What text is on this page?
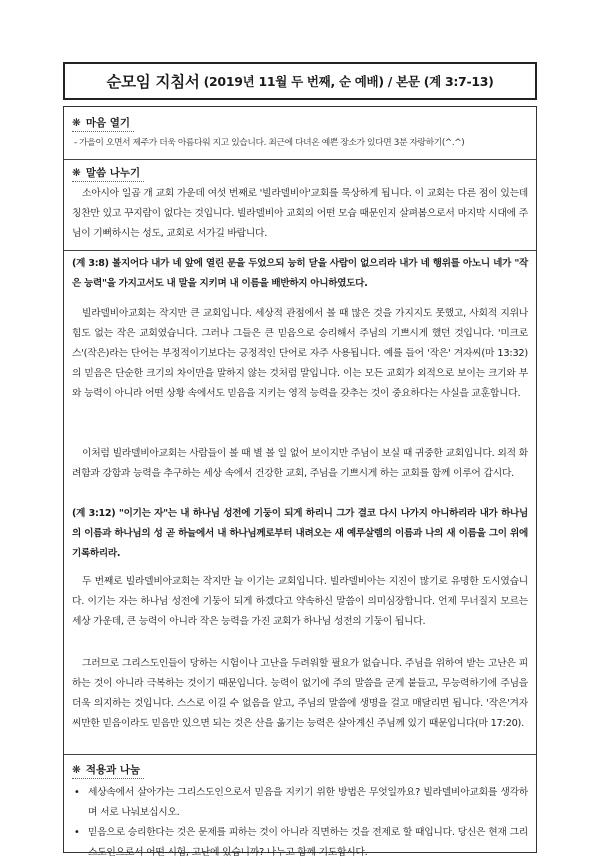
순모임 지침서 (2019년 11월 두 번째, 순 예배) / 본문 (계 3:7-13)
❋ 마음 열기
- 가을이 오면서 제주가 더욱 아름다워 지고 있습니다. 최근에 다녀온 예쁜 장소가 있다면 3분 자랑하기(^.^)
❋ 말씀 나누기

소아시아 일곱 개 교회 가운데 여섯 번째로 '빌라델비아'교회를 묵상하게 됩니다. 이 교회는 다른 점이 있는데 칭찬만 있고 꾸지람이 없다는 것입니다. 빌라델비아 교회의 어떤 모습 때문인지 살펴봄으로서 마지막 시대에 주님이 기뻐하시는 성도, 교회로 서가길 바랍니다.

(계 3:8) 볼지어다 내가 네 앞에 열린 문을 두었으되 능히 닫을 사람이 없으리라 내가 네 행위를 아노니 네가 "작은 능력"을 가지고서도 내 말을 지키며 내 이름을 배반하지 아니하였도다.

빌라델비아교회는 작지만 큰 교회입니다. 세상적 관점에서 볼 때 많은 것을 가지지도 못했고, 사회적 지위나 힘도 없는 작은 교회였습니다. 그러나 그들은 큰 믿음으로 승리해서 주님의 기쁘시게 했던 것입니다. '미크로스'(작은)라는 단어는 부정적이기보다는 긍정적인 단어로 자주 사용됩니다. 예를 들어 '작은' 겨자씨(마 13:32)의 믿음은 단순한 크기의 차이만을 말하지 않는 것처럼 말입니다. 이는 모든 교회가 외적으로 보이는 크기와 부와 능력이 아니라 어떤 상황 속에서도 믿음을 지키는 영적 능력을 갖추는 것이 중요하다는 사실을 교훈합니다.

이처럼 빌라델비아교회는 사람들이 볼 때 별 볼 일 없어 보이지만 주님이 보실 때 귀중한 교회입니다. 외적 화려함과 강함과 능력을 추구하는 세상 속에서 건강한 교회, 주님을 기쁘시게 하는 교회를 함께 이루어 갑시다.

(계 3:12) "이기는 자"는 내 하나님 성전에 기둥이 되게 하리니 그가 결코 다시 나가지 아니하리라 내가 하나님의 이름과 하나님의 성 곧 하늘에서 내 하나님께로부터 내려오는 새 예루살렘의 이름과 나의 새 이름을 그이 위에 기록하리라.

두 번째로 빌라델비아교회는 작지만 늘 이기는 교회입니다. 빌라델비아는 지진이 많기로 유명한 도시였습니다. 이기는 자는 하나님 성전에 기둥이 되게 하겠다고 약속하신 말씀이 의미심장합니다. 언제 무너질지 모르는 세상 가운데, 큰 능력이 아니라 작은 능력을 가진 교회가 하나님 성전의 기둥이 됩니다.

그러므로 그리스도인들이 당하는 시험이나 고난을 두려워할 필요가 없습니다. 주님을 위하여 받는 고난은 피하는 것이 아니라 극복하는 것이기 때문입니다. 능력이 없기에 주의 말씀을 굳게 붙들고, 무능력하기에 주님을 더욱 의지하는 것입니다. 스스로 이길 수 없음을 알고, 주님의 말씀에 생명을 걸고 매달리면 됩니다. '작은'겨자씨만한 믿음이라도 믿음만 있으면 되는 것은 산을 옮기는 능력은 살아계신 주님께 있기 때문입니다(마 17:20).

❋ 적용과 나눔
• 세상속에서 살아가는 그리스도인으로서 믿음을 지키기 위한 방법은 무엇일까요? 빌라델비아교회를 생각하며 서로 나눠보십시오.
• 믿음으로 승리한다는 것은 문제를 피하는 것이 아니라 직면하는 것을 전제로 할 때입니다. 당신은 현재 그리스도인으로서 어떤 시험, 고난에 있습니까? 나누고 함께 기도합시다.
